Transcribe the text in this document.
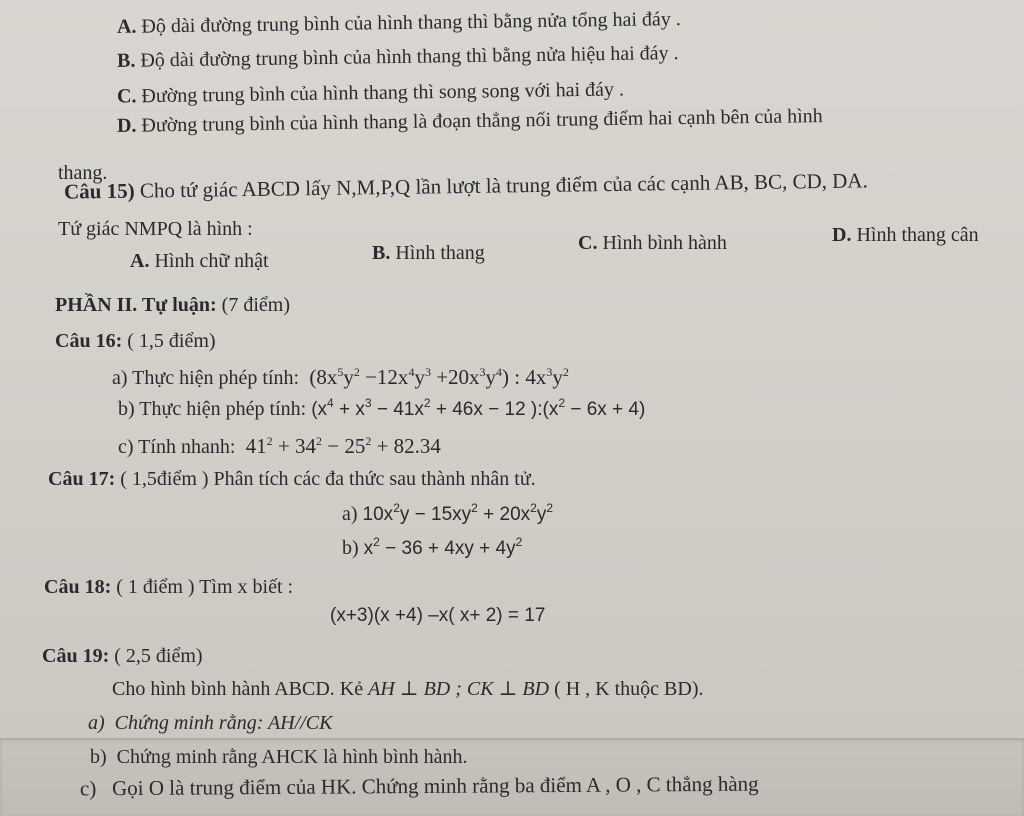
A. Độ dài đường trung bình của hình thang thì bằng nửa tổng hai đáy .
B. Độ dài đường trung bình của hình thang thì bằng nửa hiệu hai đáy .
C. Đường trung bình của hình thang thì song song với hai đáy .
D. Đường trung bình của hình thang là đoạn thẳng nối trung điểm hai cạnh bên của hình
thang.
Câu 15) Cho tứ giác ABCD lấy N,M,P,Q lần lượt là trung điểm của các cạnh AB, BC, CD, DA.
Tứ giác NMPQ là hình :
A. Hình chữ nhật	B. Hình thang	C. Hình bình hành	D. Hình thang cân
PHẦN II. Tự luận: (7 điểm)
Câu 16: ( 1,5 điểm)
a) Thực hiện phép tính:  $(8x^5y^2 -12x^4y^3 +20x^3y^4)$ : $4x^3y^2$
b) Thực hiện phép tính: ($x^4 + x^3 - 41x^2 + 46x - 12$ )$:(x^2 - 6x + 4)$
c) Tính nhanh:  $41^2 + 34^2 - 25^2 + 82.34$
Câu 17: ( 1,5điểm ) Phân tích các đa thức sau thành nhân tử.
a) $10x^2y - 15xy^2 + 20x^2y^2$
b) $x^2 - 36 + 4xy + 4y^2$
Câu 18: ( 1 điểm ) Tìm x biết :
(x+3)(x +4) –x( x+ 2) = 17
Câu 19: ( 2,5 điểm)
Cho hình bình hành ABCD. Kẻ AH ⊥ BD ; CK ⊥ BD ( H , K thuộc BD).
a) Chứng minh rằng: AH//CK
b) Chứng minh rằng AHCK là hình bình hành.
c) Gọi O là trung điểm của HK. Chứng minh rằng ba điểm A , O , C thẳng hàng
